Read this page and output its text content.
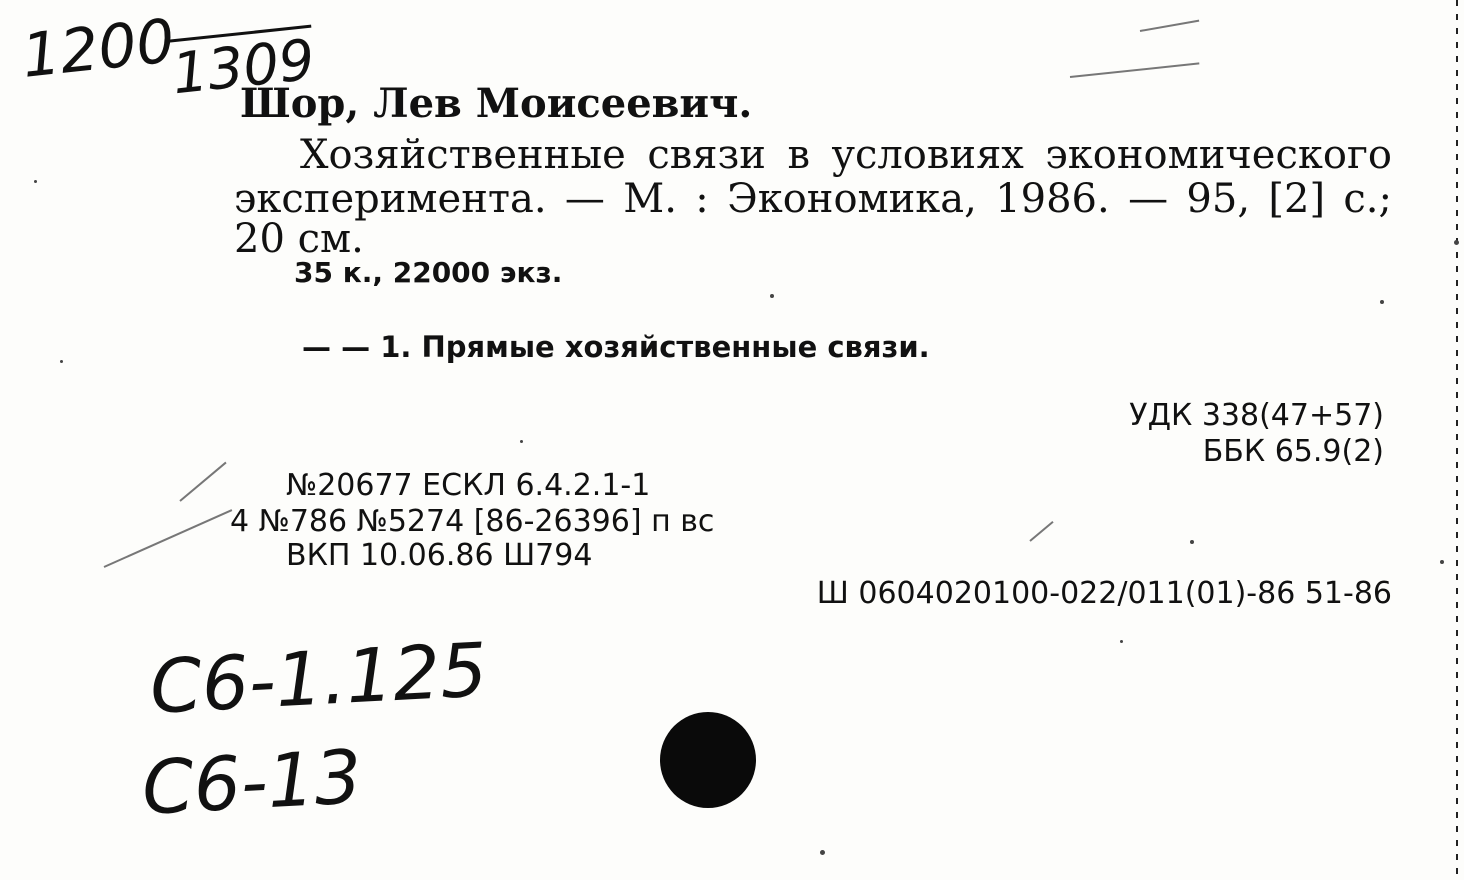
1200
1309
Шор, Лев Моисеевич.
Хозяйственные связи в условиях экономического
эксперимента. — М. : Экономика, 1986. — 95, [2] с.;
20 см.
35 к., 22000 экз.
— — 1. Прямые хозяйственные связи.
УДК 338(47+57)
ББК 65.9(2)
№20677 ЕСКЛ 6.4.2.1-1
4 №786 №5274 [86-26396] п вс
ВКП 10.06.86 Ш794
Ш 0604020100-022/011(01)-86 51-86
С6-1.125
С6-13
